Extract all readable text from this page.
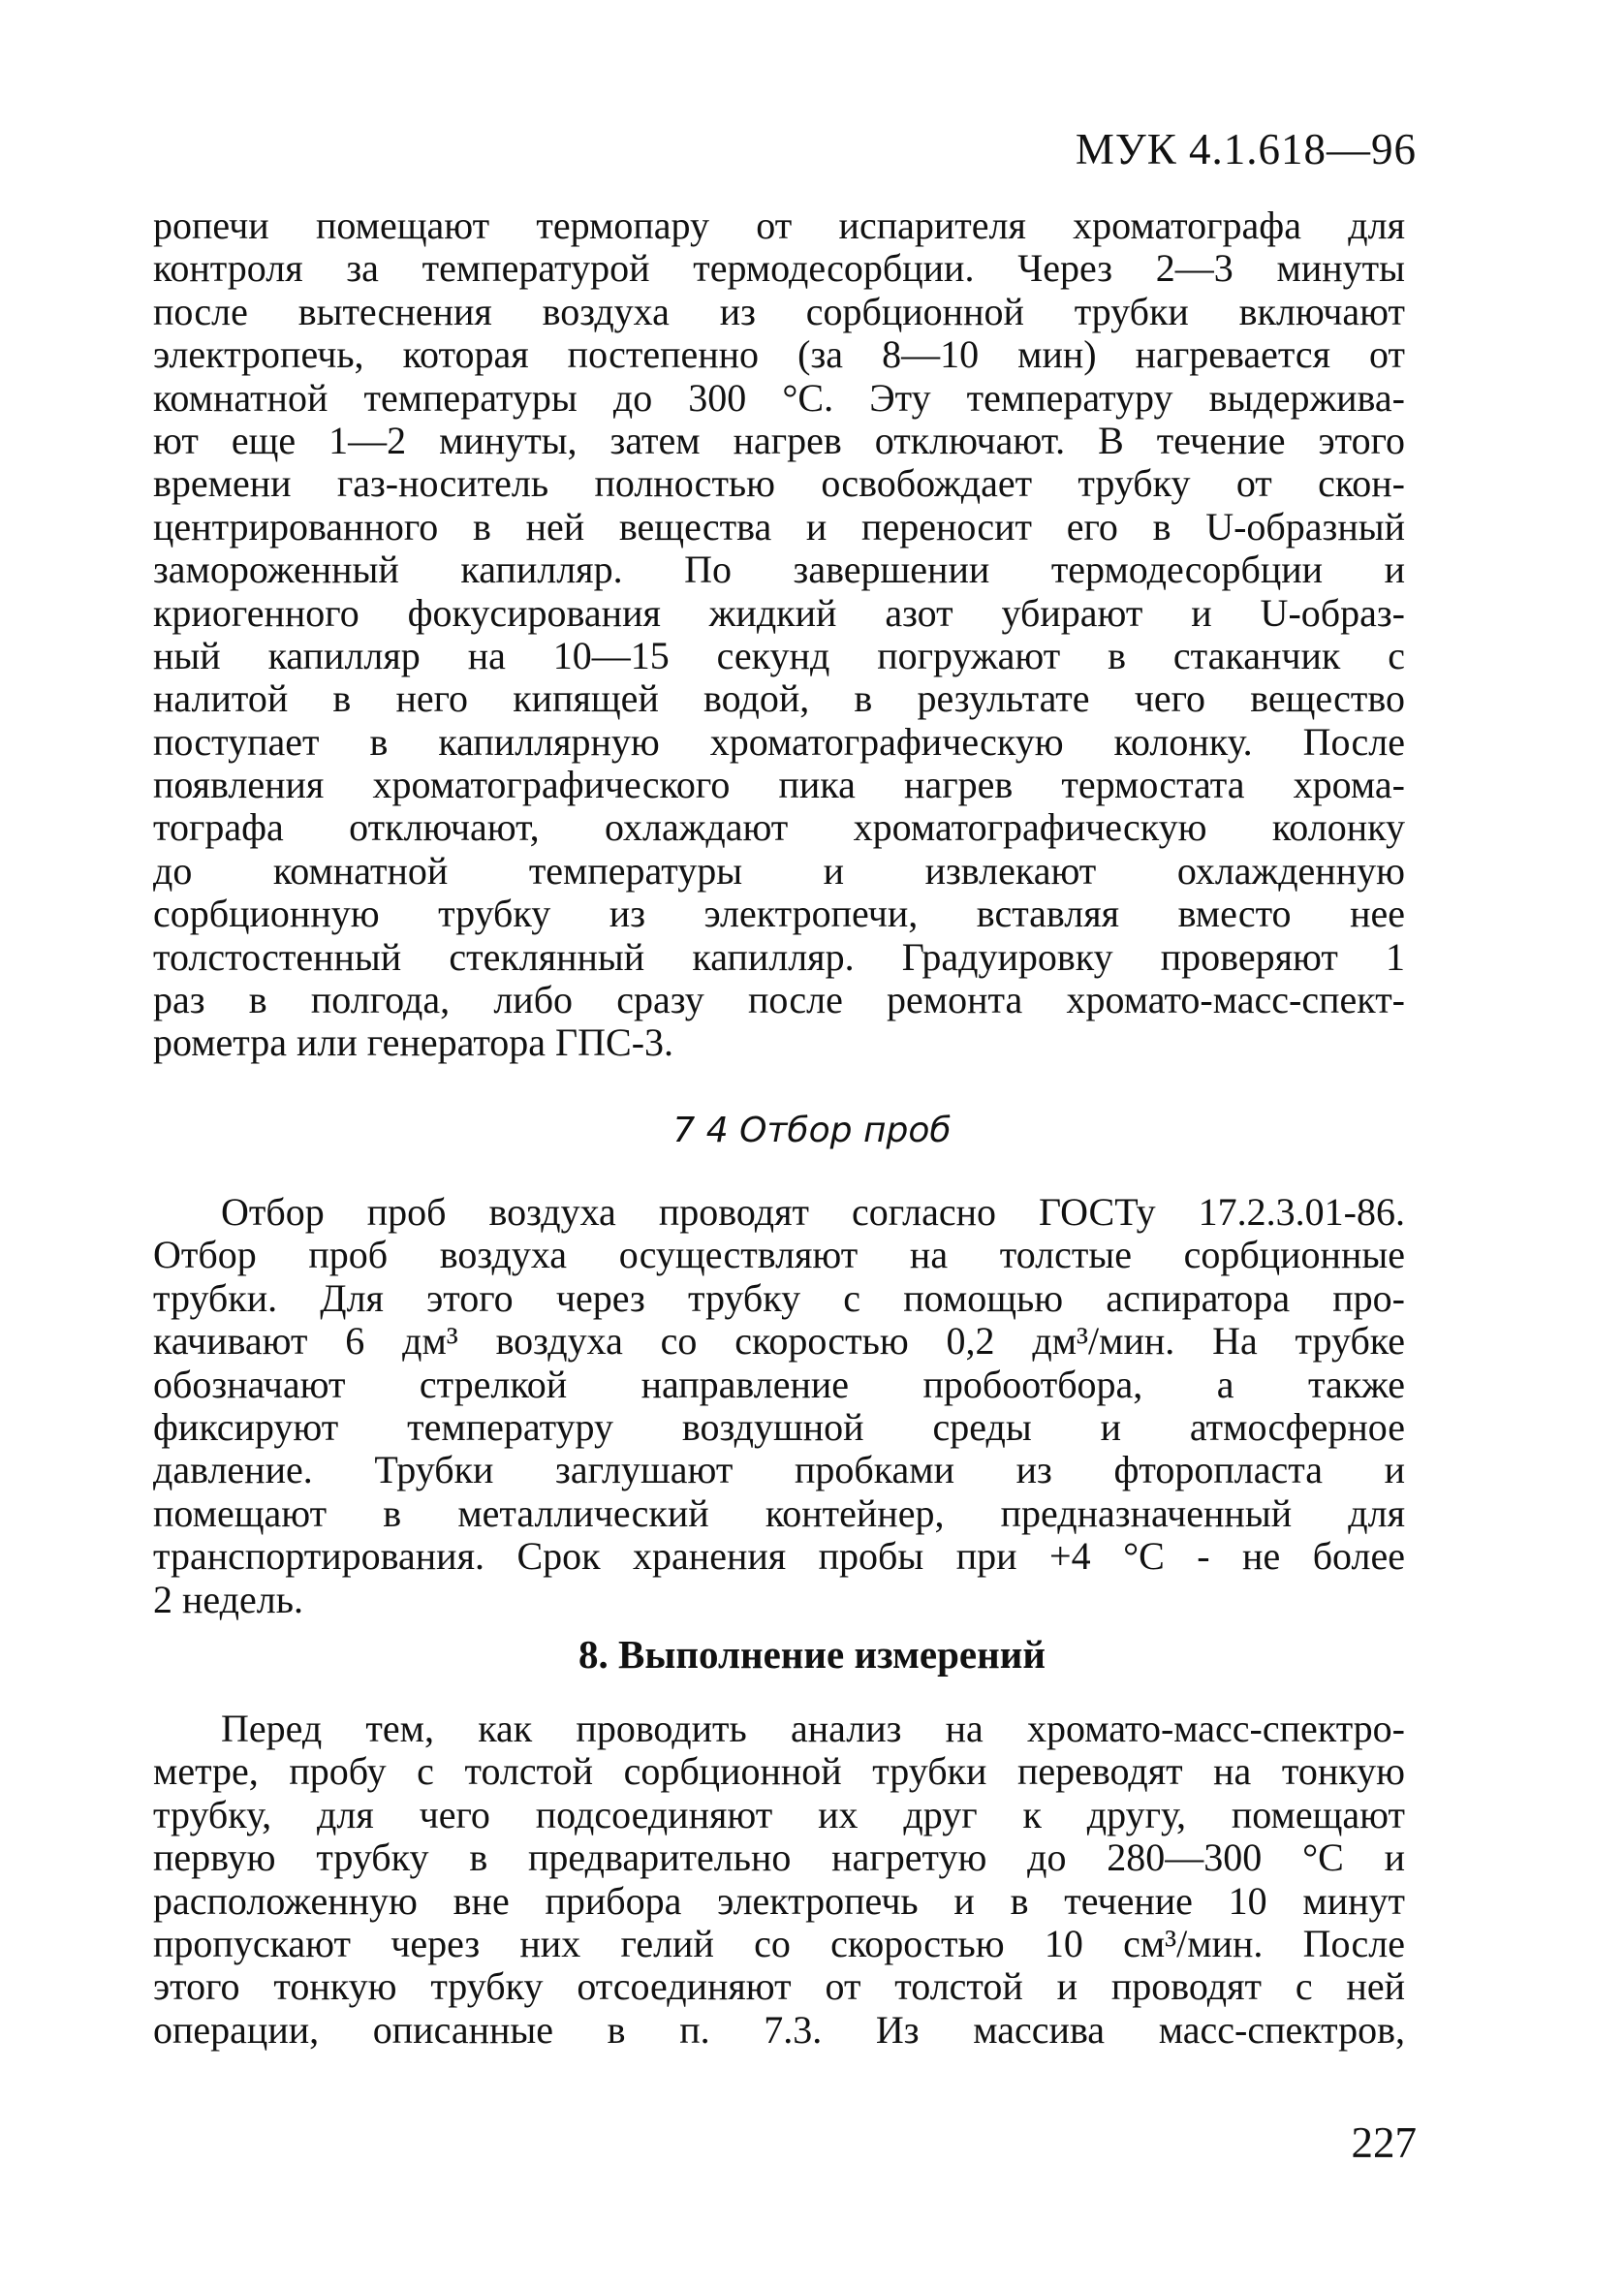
МУК 4.1.618—96
ропечи помещают термопару от испарителя хроматографа для
контроля за температурой термодесорбции. Через 2—3 минуты
после вытеснения воздуха из сорбционной трубки включают
электропечь, которая постепенно (за 8—10 мин) нагревается от
комнатной температуры до 300 °С. Эту температуру выдержива-
ют еще 1—2 минуты, затем нагрев отключают. В течение этого
времени газ-носитель полностью освобождает трубку от скон-
центрированного в ней вещества и переносит его в U-образный
замороженный капилляр. По завершении термодесорбции и
криогенного фокусирования жидкий азот убирают и U-образ-
ный капилляр на 10—15 секунд погружают в стаканчик с
налитой в него кипящей водой, в результате чего вещество
поступает в капиллярную хроматографическую колонку. После
появления хроматографического пика нагрев термостата хрома-
тографа отключают, охлаждают хроматографическую колонку
до комнатной температуры и извлекают охлажденную
сорбционную трубку из электропечи, вставляя вместо нее
толстостенный стеклянный капилляр. Градуировку проверяют 1
раз в полгода, либо сразу после ремонта хромато-масс-спект-
рометра или генератора ГПС-3.
7 4 Отбор проб
Отбор проб воздуха проводят согласно ГОСТу 17.2.3.01-86.
Отбор проб воздуха осуществляют на толстые сорбционные
трубки. Для этого через трубку с помощью аспиратора про-
качивают 6 дм³ воздуха со скоростью 0,2 дм³/мин. На трубке
обозначают стрелкой направление пробоотбора, а также
фиксируют температуру воздушной среды и атмосферное
давление. Трубки заглушают пробками из фторопласта и
помещают в металлический контейнер, предназначенный для
транспортирования. Срок хранения пробы при +4 °С - не более
2 недель.
8. Выполнение измерений
Перед тем, как проводить анализ на хромато-масс-спектро-
метре, пробу с толстой сорбционной трубки переводят на тонкую
трубку, для чего подсоединяют их друг к другу, помещают
первую трубку в предварительно нагретую до 280—300 °С и
расположенную вне прибора электропечь и в течение 10 минут
пропускают через них гелий со скоростью 10 см³/мин. После
этого тонкую трубку отсоединяют от толстой и проводят с ней
операции, описанные в п. 7.3. Из массива масс-спектров,
227
